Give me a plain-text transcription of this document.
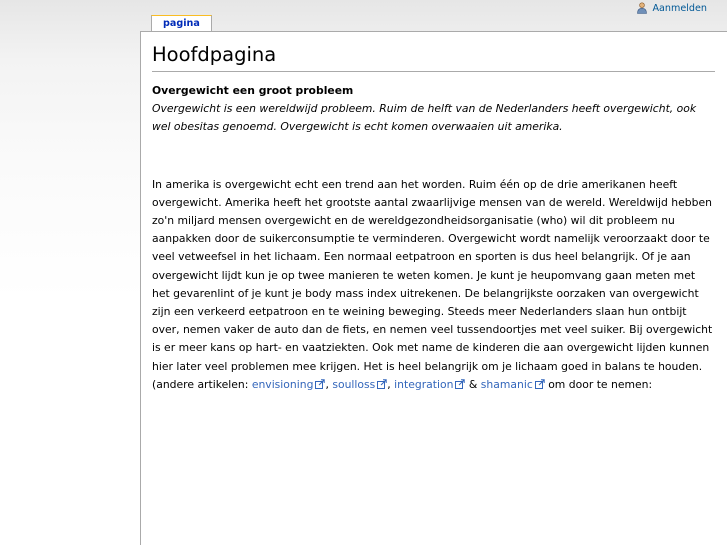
Aanmelden
pagina
Hoofdpagina
Overgewicht een groot probleem

Overgewicht is een wereldwijd probleem. Ruim de helft van de Nederlanders heeft overgewicht, ook wel obesitas genoemd. Overgewicht is echt komen overwaaien uit amerika.

In amerika is overgewicht echt een trend aan het worden. Ruim één op de drie amerikanen heeft overgewicht. Amerika heeft het grootste aantal zwaarlijvige mensen van de wereld. Wereldwijd hebben zo'n miljard mensen overgewicht en de wereldgezondheidsorganisatie (who) wil dit probleem nu aanpakken door de suikerconsumptie te verminderen. Overgewicht wordt namelijk veroorzaakt door te veel vetweefsel in het lichaam. Een normaal eetpatroon en sporten is dus heel belangrijk. Of je aan overgewicht lijdt kun je op twee manieren te weten komen. Je kunt je heupomvang gaan meten met het gevarenlint of je kunt je body mass index uitrekenen. De belangrijkste oorzaken van overgewicht zijn een verkeerd eetpatroon en te weining beweging. Steeds meer Nederlanders slaan hun ontbijt over, nemen vaker de auto dan de fiets, en nemen veel tussendoortjes met veel suiker. Bij overgewicht is er meer kans op hart- en vaatziekten. Ook met name de kinderen die aan overgewicht lijden kunnen hier later veel problemen mee krijgen. Het is heel belangrijk om je lichaam goed in balans te houden. (andere artikelen: envisioning , soulloss , integration & shamanic om door te nemen:
